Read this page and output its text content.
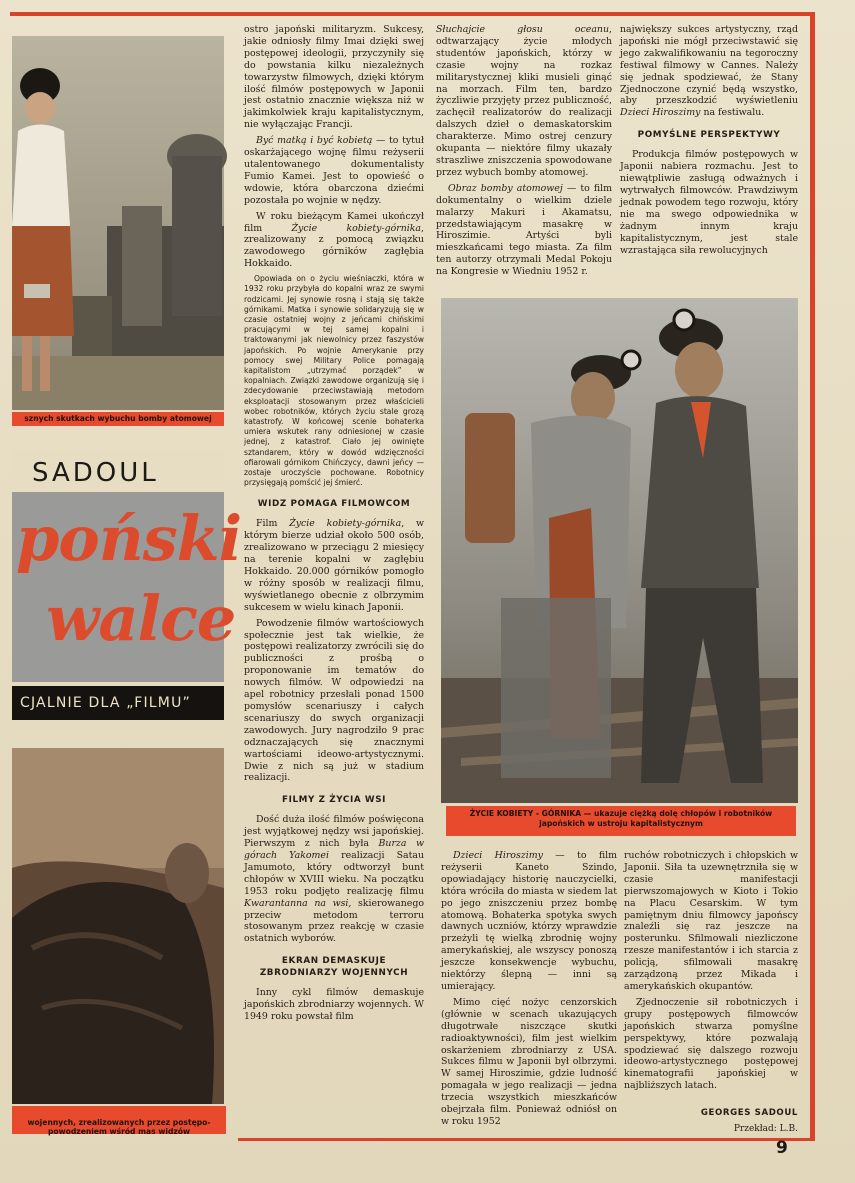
sznych skutkach wybuchu bomby atomowej
SADOUL
poński
walce
CJALNIE DLA „FILMU”

wojennych, zrealizowanych przez postępo-
powodzeniem wśród mas widzów

ostro japoński militaryzm. Sukcesy, jakie odniosły filmy Imai dzięki swej postępowej ideologii, przyczyniły się do powstania kilku niezależnych towarzystw filmowych, dzięki którym ilość filmów postępowych w Japonii jest ostatnio znacznie większa niż w jakimkolwiek kraju kapitalistycznym, nie wyłączając Francji.

Być matką i być kobietą — to tytuł oskarżającego wojnę filmu reżyserii utalentowanego dokumentalisty Fumio Kamei. Jest to opowieść o wdowie, która obarczona dziećmi pozostała po wojnie w nędzy.

W roku bieżącym Kamei ukończył film Życie kobiety-górnika, zrealizowany z pomocą związku zawodowego górników zagłębia Hokkaido.

Opowiada on o życiu wieśniaczki, która w 1932 roku przybyła do kopalni wraz ze swymi rodzicami. Jej synowie rosną i stają się także górnikami. Matka i synowie solidaryzują się w czasie ostatniej wojny z jeńcami chińskimi pracującymi w tej samej kopalni i traktowanymi jak niewolnicy przez faszystów japońskich. Po wojnie Amerykanie przy pomocy swej Military Police pomagają kapitalistom „utrzymać porządek” w kopalniach. Związki zawodowe organizują się i zdecydowanie przeciwstawiają metodom eksploatacji stosowanym przez właścicieli wobec robotników, których życiu stale grozą katastrofy. W końcowej scenie bohaterka umiera wskutek rany odniesionej w czasie jednej, z katastrof. Ciało jej owinięte sztandarem, który w dowód wdzięczności ofiarowali górnikom Chińczycy, dawni jeńcy — zostaje uroczyście pochowane. Robotnicy przysięgają pomścić jej śmierć.

WIDZ POMAGA FILMOWCOM

Film Życie kobiety-górnika, w którym bierze udział około 500 osób, zrealizowano w przeciągu 2 miesięcy na terenie kopalni w zagłębiu Hokkaido. 20.000 górników pomogło w różny sposób w realizacji filmu, wyświetlanego obecnie z olbrzymim sukcesem w wielu kinach Japonii.

Powodzenie filmów wartościowych społecznie jest tak wielkie, że postępowi realizatorzy zwrócili się do publiczności z prośbą o proponowanie im tematów do nowych filmów. W odpowiedzi na apel robotnicy przesłali ponad 1500 pomysłów scenariuszy i całych scenariuszy do swych organizacji zawodowych. Jury nagrodziło 9 prac odznaczających się znacznymi wartościami ideowo-artystycznymi. Dwie z nich są już w stadium realizacji.

FILMY Z ŻYCIA WSI

Dość duża ilość filmów poświęcona jest wyjątkowej nędzy wsi japońskiej. Pierwszym z nich była Burza w górach Yakomei realizacji Satau Jamumoto, który odtworzył bunt chłopów w XVIII wieku. Na początku 1953 roku podjęto realizację filmu Kwarantanna na wsi, skierowanego przeciw metodom terroru stosowanym przez reakcję w czasie ostatnich wyborów.

EKRAN DEMASKUJE ZBRODNIARZY WOJENNYCH

Inny cykl filmów demaskuje japońskich zbrodniarzy wojennych. W 1949 roku powstał film

Słuchajcie głosu oceanu, odtwarzający życie młodych studentów japońskich, którzy w czasie wojny na rozkaz militarystycznej kliki musieli ginąć na morzach. Film ten, bardzo życzliwie przyjęty przez publiczność, zachęcił realizatorów do realizacji dalszych dzieł o demaskatorskim charakterze. Mimo ostrej cenzury okupanta — niektóre filmy ukazały straszliwe zniszczenia spowodowane przez wybuch bomby atomowej.

Obraz bomby atomowej — to film dokumentalny o wielkim dziele malarzy Makuri i Akamatsu, przedstawiającym masakrę w Hiroszimie. Artyści byli mieszkańcami tego miasta. Za film ten autorzy otrzymali Medal Pokoju na Kongresie w Wiedniu 1952 r.

największy sukces artystyczny, rząd japoński nie mógł przeciwstawić się jego zakwalifikowaniu na tegoroczny festiwal filmowy w Cannes. Należy się jednak spodziewać, że Stany Zjednoczone czynić będą wszystko, aby przeszkodzić wyświetleniu Dzieci Hiroszimy na festiwalu.

POMYŚLNE PERSPEKTYWY

Produkcja filmów postępowych w Japonii nabiera rozmachu. Jest to niewątpliwie zasługą odważnych i wytrwałych filmowców. Prawdziwym jednak powodem tego rozwoju, który nie ma swego odpowiednika w żadnym innym kraju kapitalistycznym, jest stale wzrastająca siła rewolucyjnych

ŻYCIE KOBIETY - GÓRNIKA — ukazuje ciężką dolę chłopów i robotników japońskich w ustroju kapitalistycznym

Dzieci Hiroszimy — to film reżyserii Kaneto Szindo, opowiadający historię nauczycielki, która wróciła do miasta w siedem lat po jego zniszczeniu przez bombę atomową. Bohaterka spotyka swych dawnych uczniów, którzy wprawdzie przeżyli tę wielką zbrodnię wojny amerykańskiej, ale wszyscy ponoszą jeszcze konsekwencje wybuchu, niektórzy ślepną — inni są umierający.

Mimo cięć nożyc cenzorskich (głównie w scenach ukazujących długotrwałe niszczące skutki radioaktywności), film jest wielkim oskarżeniem zbrodniarzy z USA. Sukces filmu w Japonii był olbrzymi. W samej Hiroszimie, gdzie ludność pomagała w jego realizacji — jedna trzecia wszystkich mieszkańców obejrzała film. Ponieważ odniósł on w roku 1952

ruchów robotniczych i chłopskich w Japonii. Siła ta uzewnętrzniła się w czasie manifestacji pierwszomajowych w Kioto i Tokio na Placu Cesarskim. W tym pamiętnym dniu filmowcy japońscy znaleźli się raz jeszcze na posterunku. Sfilmowali niezliczone rzesze manifestantów i ich starcia z policją, sfilmowali masakrę zarządzoną przez Mikada i amerykańskich okupantów.

Zjednoczenie sił robotniczych i grupy postępowych filmowców japońskich stwarza pomyślne perspektywy, które pozwalają spodziewać się dalszego rozwoju ideowo-artystycznego postępowej kinematografii japońskiej w najbliższych latach.

GEORGES SADOUL

Przekład: L.B.

9
